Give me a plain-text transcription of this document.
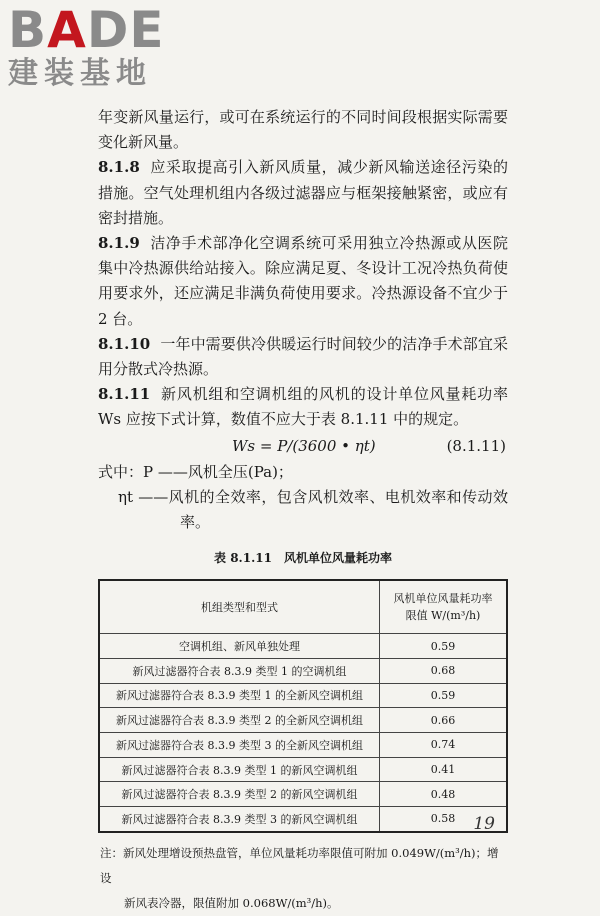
BADE
建装基地

年变新风量运行，或可在系统运行的不同时间段根据实际需要变化新风量。

8.1.8 应采取提高引入新风质量，减少新风输送途径污染的措施。空气处理机组内各级过滤器应与框架接触紧密，或应有密封措施。

8.1.9 洁净手术部净化空调系统可采用独立冷热源或从医院集中冷热源供给站接入。除应满足夏、冬设计工况冷热负荷使用要求外，还应满足非满负荷使用要求。冷热源设备不宜少于 2 台。

8.1.10 一年中需要供冷供暖运行时间较少的洁净手术部宜采用分散式冷热源。

8.1.11 新风机组和空调机组的风机的设计单位风量耗功率 Ws 应按下式计算，数值不应大于表 8.1.11 中的规定。

Ws = P/(3600 • ηt)	(8.1.11)

式中：P ——风机全压(Pa)；

ηt ——风机的全效率，包含风机效率、电机效率和传动效率。

表 8.1.11　风机单位风量耗功率
机组类型和型式	风机单位风量耗功率
限值 W/(m³/h)
空调机组、新风单独处理	0.59
新风过滤器符合表 8.3.9 类型 1 的空调机组	0.68
新风过滤器符合表 8.3.9 类型 1 的全新风空调机组	0.59
新风过滤器符合表 8.3.9 类型 2 的全新风空调机组	0.66
新风过滤器符合表 8.3.9 类型 3 的全新风空调机组	0.74
新风过滤器符合表 8.3.9 类型 1 的新风空调机组	0.41
新风过滤器符合表 8.3.9 类型 2 的新风空调机组	0.48
新风过滤器符合表 8.3.9 类型 3 的新风空调机组	0.58
注：新风处理增设预热盘管，单位风量耗功率限值可附加 0.049W/(m³/h)；增设
新风表冷器，限值附加 0.068W/(m³/h)。
19
